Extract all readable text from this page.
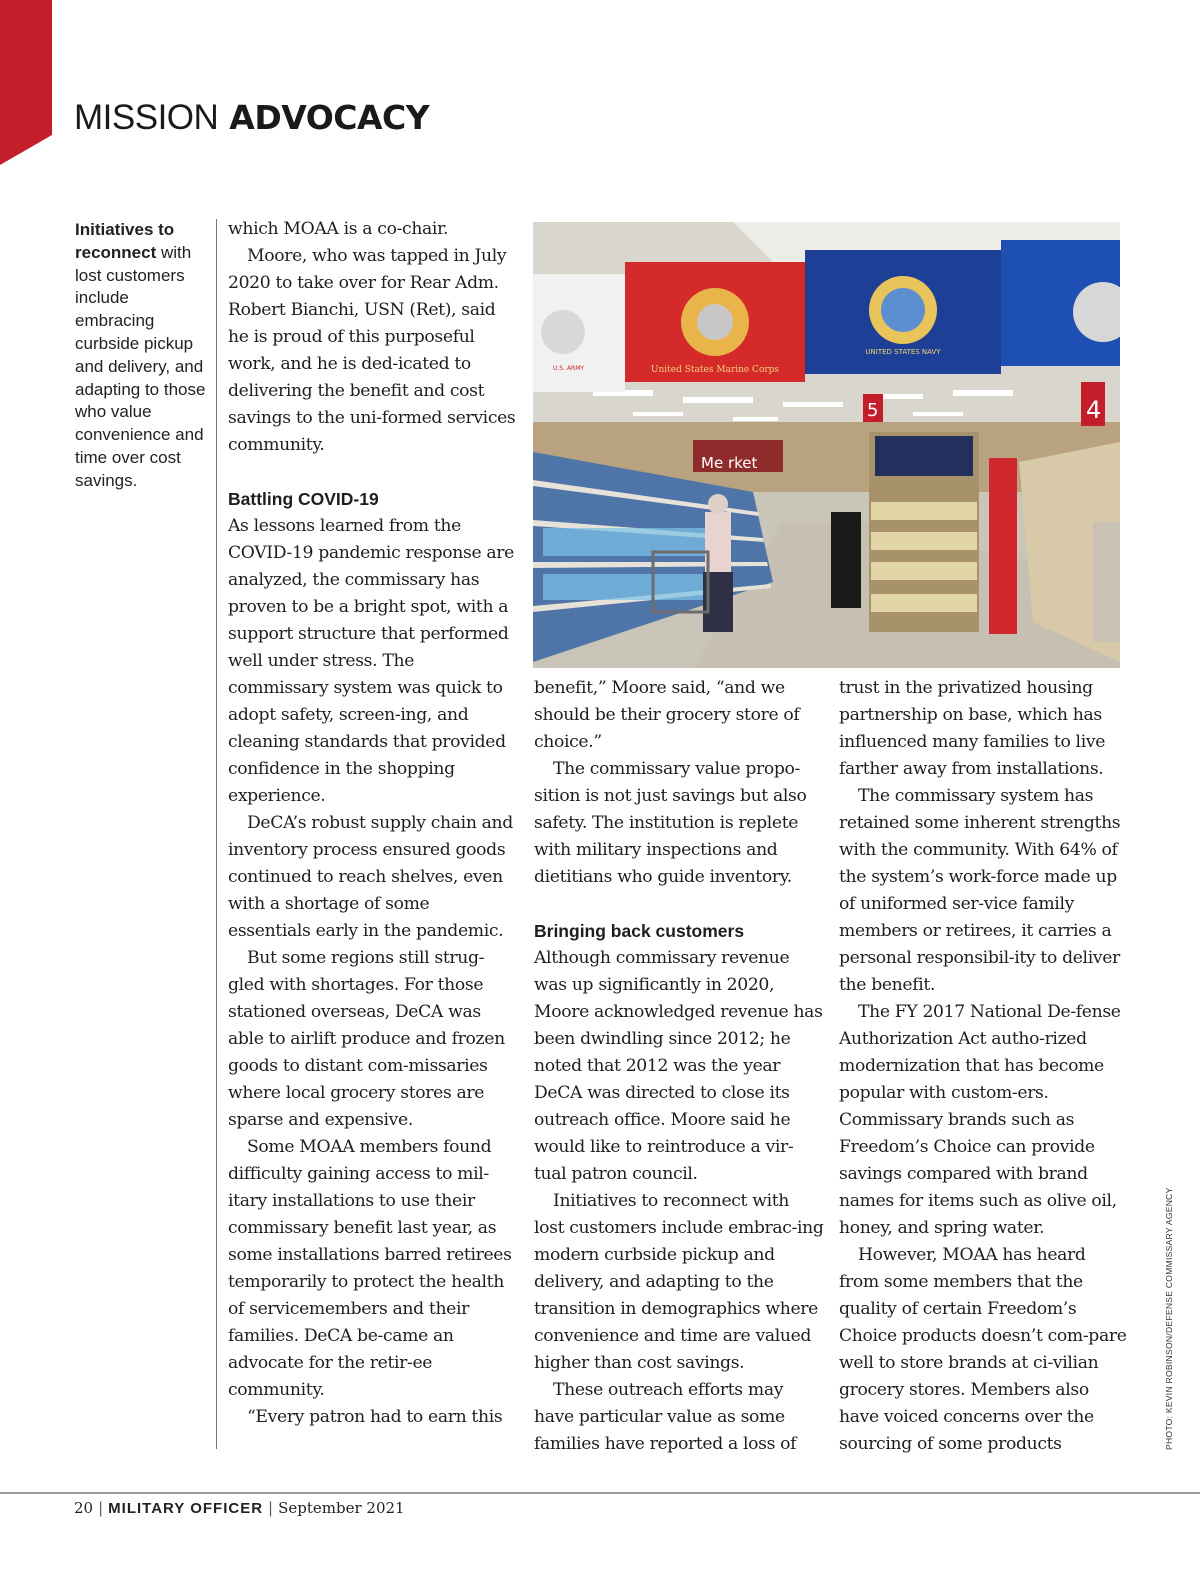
MISSION ADVOCACY
Initiatives to reconnect with lost customers include embracing curbside pickup and delivery, and adapting to those who value convenience and time over cost savings.

which MOAA is a co-chair.

Moore, who was tapped in July 2020 to take over for Rear Adm. Robert Bianchi, USN (Ret), said he is proud of this purposeful work, and he is ded-icated to delivering the benefit and cost savings to the uni-formed services community.

Battling COVID-19

As lessons learned from the COVID-19 pandemic response are analyzed, the commissary has proven to be a bright spot, with a support structure that performed well under stress. The commissary system was quick to adopt safety, screen-ing, and cleaning standards that provided confidence in the shopping experience.

DeCA’s robust supply chain and inventory process ensured goods continued to reach shelves, even with a shortage of some essentials early in the pandemic.

But some regions still strug-gled with shortages. For those stationed overseas, DeCA was able to airlift produce and frozen goods to distant com-missaries where local grocery stores are sparse and expensive.

Some MOAA members found difficulty gaining access to mil-itary installations to use their commissary benefit last year, as some installations barred retirees temporarily to protect the health of servicemembers and their families. DeCA be-came an advocate for the retir-ee community.

“Every patron had to earn this

United States Marine Corps
UNITED STATES NAVY
U.S. ARMY
Me rket
5	4

benefit,” Moore said, “and we should be their grocery store of choice.”

The commissary value propo-sition is not just savings but also safety. The institution is replete with military inspections and dietitians who guide inventory.

Bringing back customers

Although commissary revenue was up significantly in 2020, Moore acknowledged revenue has been dwindling since 2012; he noted that 2012 was the year DeCA was directed to close its outreach office. Moore said he would like to reintroduce a vir-tual patron council.

Initiatives to reconnect with lost customers include embrac-ing modern curbside pickup and delivery, and adapting to the transition in demographics where convenience and time are valued higher than cost savings.

These outreach efforts may have particular value as some families have reported a loss of

trust in the privatized housing partnership on base, which has influenced many families to live farther away from installations.

The commissary system has retained some inherent strengths with the community. With 64% of the system’s work-force made up of uniformed ser-vice family members or retirees, it carries a personal responsibil-ity to deliver the benefit.

The FY 2017 National De-fense Authorization Act autho-rized modernization that has become popular with custom-ers. Commissary brands such as Freedom’s Choice can provide savings compared with brand names for items such as olive oil, honey, and spring water.

However, MOAA has heard from some members that the quality of certain Freedom’s Choice products doesn’t com-pare well to store brands at ci-vilian grocery stores. Members also have voiced concerns over the sourcing of some products	PHOTO: KEVIN ROBINSON/DEFENSE COMMISSARY AGENCY
20 | MILITARY OFFICER | September 2021
